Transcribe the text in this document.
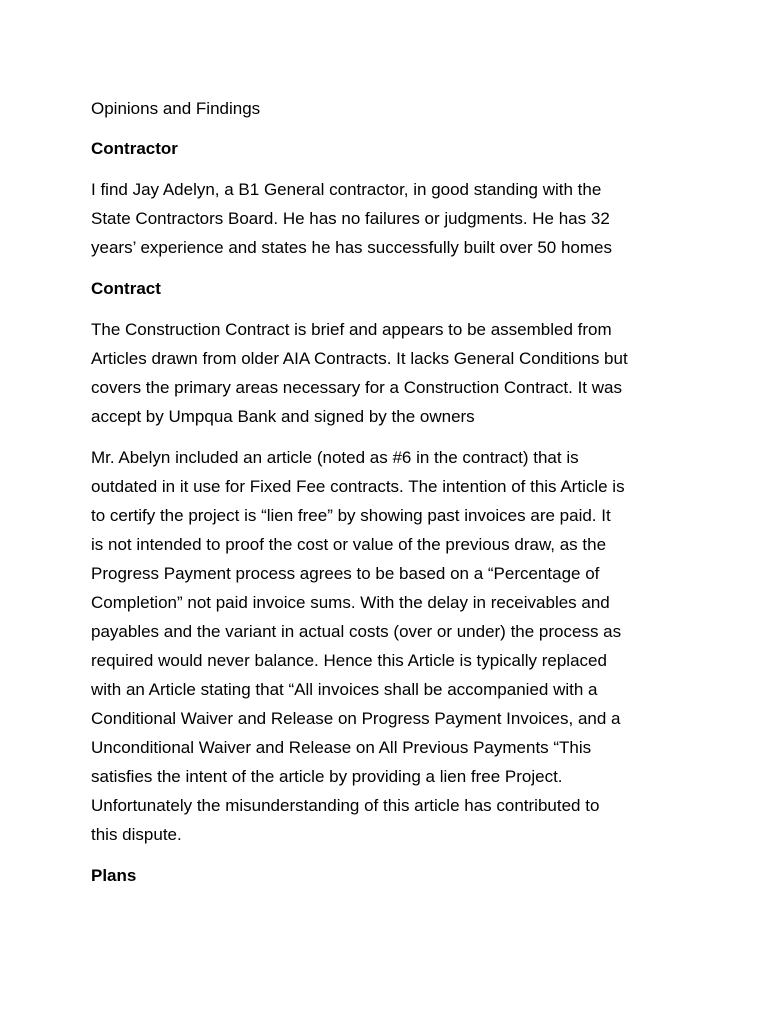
Opinions and Findings

Contractor

I find Jay Adelyn, a B1 General contractor, in good standing with the
State Contractors Board. He has no failures or judgments. He has 32
years’ experience and states he has successfully built over 50 homes

Contract

The Construction Contract is brief and appears to be assembled from
Articles drawn from older AIA Contracts. It lacks General Conditions but
covers the primary areas necessary for a Construction Contract. It was
accept by Umpqua Bank and signed by the owners

Mr. Abelyn included an article (noted as #6 in the contract) that is
outdated in it use for Fixed Fee contracts. The intention of this Article is
to certify the project is “lien free” by showing past invoices are paid. It
is not intended to proof the cost or value of the previous draw, as the
Progress Payment process agrees to be based on a “Percentage of
Completion” not paid invoice sums. With the delay in receivables and
payables and the variant in actual costs (over or under) the process as
required would never balance. Hence this Article is typically replaced
with an Article stating that “All invoices shall be accompanied with a
Conditional Waiver and Release on Progress Payment Invoices, and a
Unconditional Waiver and Release on All Previous Payments “This
satisfies the intent of the article by providing a lien free Project.
Unfortunately the misunderstanding of this article has contributed to
this dispute.

Plans
